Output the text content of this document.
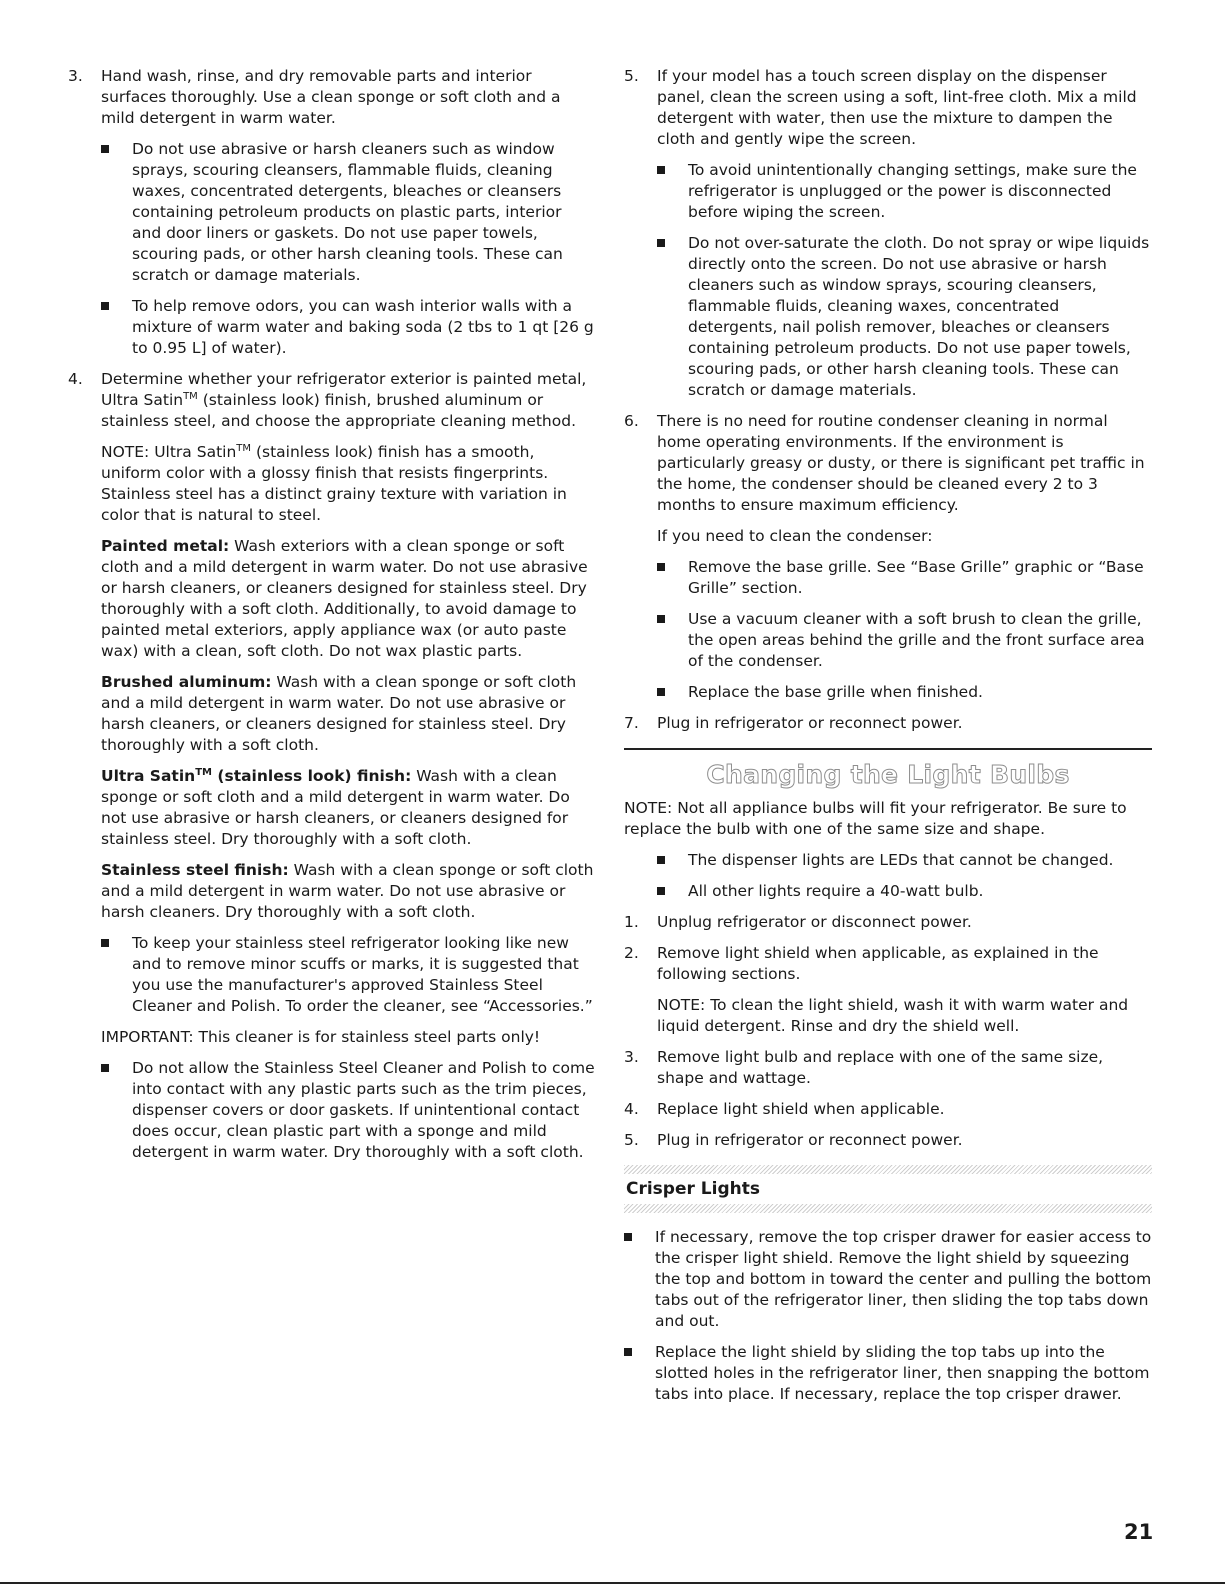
3. Hand wash, rinse, and dry removable parts and interior surfaces thoroughly. Use a clean sponge or soft cloth and a mild detergent in warm water.
Do not use abrasive or harsh cleaners such as window sprays, scouring cleansers, flammable fluids, cleaning waxes, concentrated detergents, bleaches or cleansers containing petroleum products on plastic parts, interior and door liners or gaskets. Do not use paper towels, scouring pads, or other harsh cleaning tools. These can scratch or damage materials.
To help remove odors, you can wash interior walls with a mixture of warm water and baking soda (2 tbs to 1 qt [26 g to 0.95 L] of water).
4. Determine whether your refrigerator exterior is painted metal, Ultra Satin™ (stainless look) finish, brushed aluminum or stainless steel, and choose the appropriate cleaning method.

NOTE: Ultra Satin™ (stainless look) finish has a smooth, uniform color with a glossy finish that resists fingerprints. Stainless steel has a distinct grainy texture with variation in color that is natural to steel.

Painted metal: Wash exteriors with a clean sponge or soft cloth and a mild detergent in warm water. Do not use abrasive or harsh cleaners, or cleaners designed for stainless steel. Dry thoroughly with a soft cloth. Additionally, to avoid damage to painted metal exteriors, apply appliance wax (or auto paste wax) with a clean, soft cloth. Do not wax plastic parts.

Brushed aluminum: Wash with a clean sponge or soft cloth and a mild detergent in warm water. Do not use abrasive or harsh cleaners, or cleaners designed for stainless steel. Dry thoroughly with a soft cloth.

Ultra Satin™ (stainless look) finish: Wash with a clean sponge or soft cloth and a mild detergent in warm water. Do not use abrasive or harsh cleaners, or cleaners designed for stainless steel. Dry thoroughly with a soft cloth.

Stainless steel finish: Wash with a clean sponge or soft cloth and a mild detergent in warm water. Do not use abrasive or harsh cleaners. Dry thoroughly with a soft cloth.

To keep your stainless steel refrigerator looking like new and to remove minor scuffs or marks, it is suggested that you use the manufacturer's approved Stainless Steel Cleaner and Polish. To order the cleaner, see “Accessories.”

IMPORTANT: This cleaner is for stainless steel parts only!

Do not allow the Stainless Steel Cleaner and Polish to come into contact with any plastic parts such as the trim pieces, dispenser covers or door gaskets. If unintentional contact does occur, clean plastic part with a sponge and mild detergent in warm water. Dry thoroughly with a soft cloth.
5. If your model has a touch screen display on the dispenser panel, clean the screen using a soft, lint-free cloth. Mix a mild detergent with water, then use the mixture to dampen the cloth and gently wipe the screen.
To avoid unintentionally changing settings, make sure the refrigerator is unplugged or the power is disconnected before wiping the screen.
Do not over-saturate the cloth. Do not spray or wipe liquids directly onto the screen. Do not use abrasive or harsh cleaners such as window sprays, scouring cleansers, flammable fluids, cleaning waxes, concentrated detergents, nail polish remover, bleaches or cleansers containing petroleum products. Do not use paper towels, scouring pads, or other harsh cleaning tools. These can scratch or damage materials.
6. There is no need for routine condenser cleaning in normal home operating environments. If the environment is particularly greasy or dusty, or there is significant pet traffic in the home, the condenser should be cleaned every 2 to 3 months to ensure maximum efficiency.

If you need to clean the condenser:

Remove the base grille. See “Base Grille” graphic or “Base Grille” section.
Use a vacuum cleaner with a soft brush to clean the grille, the open areas behind the grille and the front surface area of the condenser.
Replace the base grille when finished.
7. Plug in refrigerator or reconnect power.
Changing the Light Bulbs

NOTE: Not all appliance bulbs will fit your refrigerator. Be sure to replace the bulb with one of the same size and shape.

The dispenser lights are LEDs that cannot be changed.
All other lights require a 40-watt bulb.
1. Unplug refrigerator or disconnect power.
2. Remove light shield when applicable, as explained in the following sections.

NOTE: To clean the light shield, wash it with warm water and liquid detergent. Rinse and dry the shield well.

3. Remove light bulb and replace with one of the same size, shape and wattage.
4. Replace light shield when applicable.
5. Plug in refrigerator or reconnect power.
Crisper Lights
If necessary, remove the top crisper drawer for easier access to the crisper light shield. Remove the light shield by squeezing the top and bottom in toward the center and pulling the bottom tabs out of the refrigerator liner, then sliding the top tabs down and out.
Replace the light shield by sliding the top tabs up into the slotted holes in the refrigerator liner, then snapping the bottom tabs into place. If necessary, replace the top crisper drawer.
21
